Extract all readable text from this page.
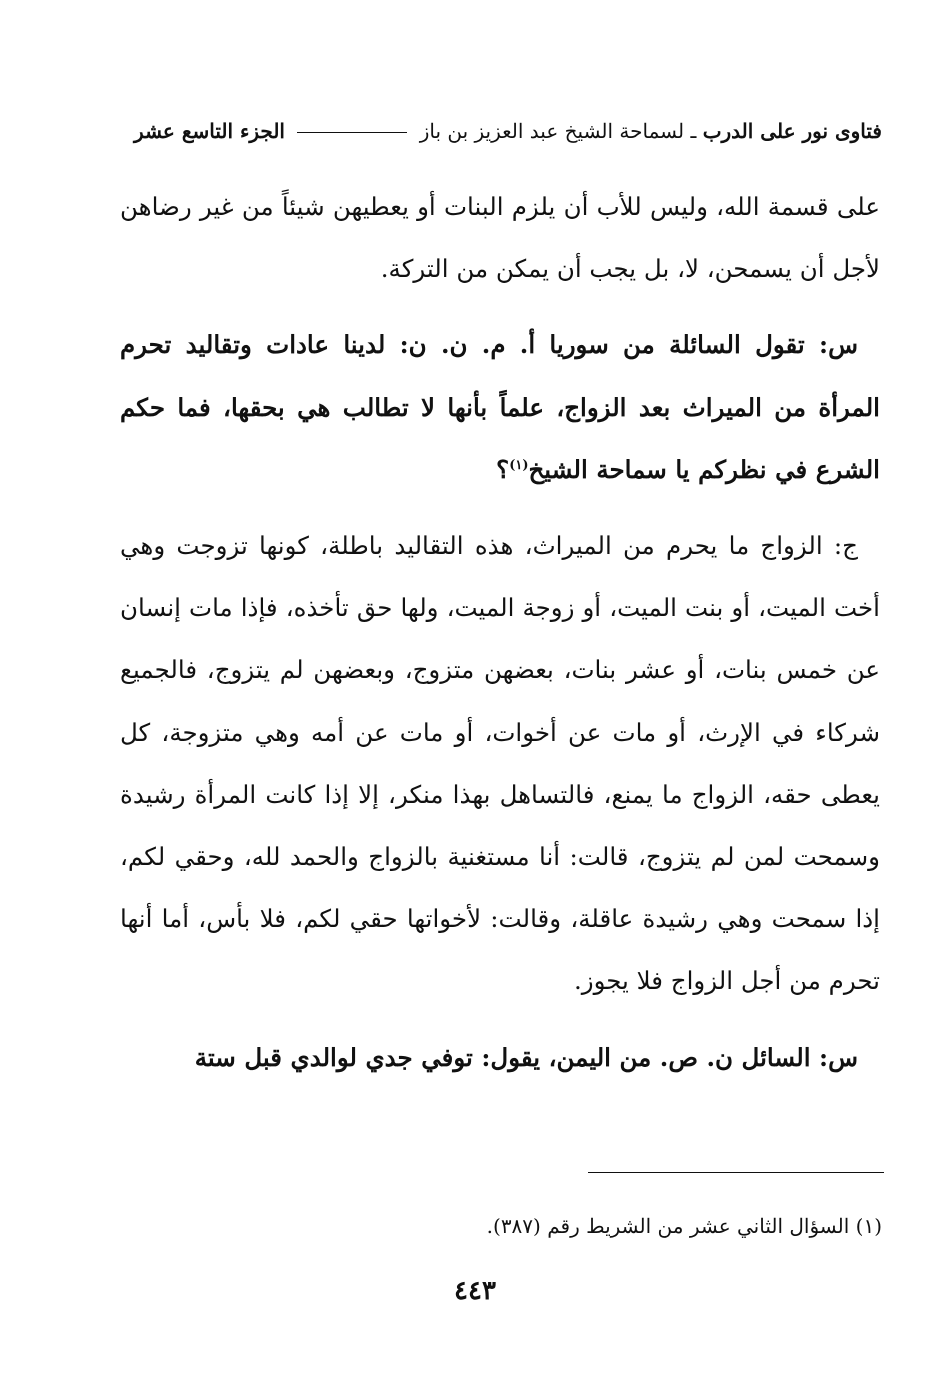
فتاوى نور على الدرب ـ لسماحة الشيخ عبد العزيز بن باز  الجزء التاسع عشر

على قسمة الله، وليس للأب أن يلزم البنات أو يعطيهن شيئاً من غير رضاهن لأجل أن يسمحن، لا، بل يجب أن يمكن من التركة.

س: تقول السائلة من سوريا أ. م. ن. ن: لدينا عادات وتقاليد تحرم المرأة من الميراث بعد الزواج، علماً بأنها لا تطالب هي بحقها، فما حكم الشرع في نظركم يا سماحة الشيخ$^{(١)}$؟

ج: الزواج ما يحرم من الميراث، هذه التقاليد باطلة، كونها تزوجت وهي أخت الميت، أو بنت الميت، أو زوجة الميت، ولها حق تأخذه، فإذا مات إنسان عن خمس بنات، أو عشر بنات، بعضهن متزوج، وبعضهن لم يتزوج، فالجميع شركاء في الإرث، أو مات عن أخوات، أو مات عن أمه وهي متزوجة، كل يعطى حقه، الزواج ما يمنع، فالتساهل بهذا منكر، إلا إذا كانت المرأة رشيدة وسمحت لمن لم يتزوج، قالت: أنا مستغنية بالزواج والحمد لله، وحقي لكم، إذا سمحت وهي رشيدة عاقلة، وقالت: لأخواتها حقي لكم، فلا بأس، أما أنها تحرم من أجل الزواج فلا يجوز.

س: السائل ن. ص. من اليمن، يقول: توفي جدي لوالدي قبل ستة

(١) السؤال الثاني عشر من الشريط رقم (٣٨٧).
٤٤٣
